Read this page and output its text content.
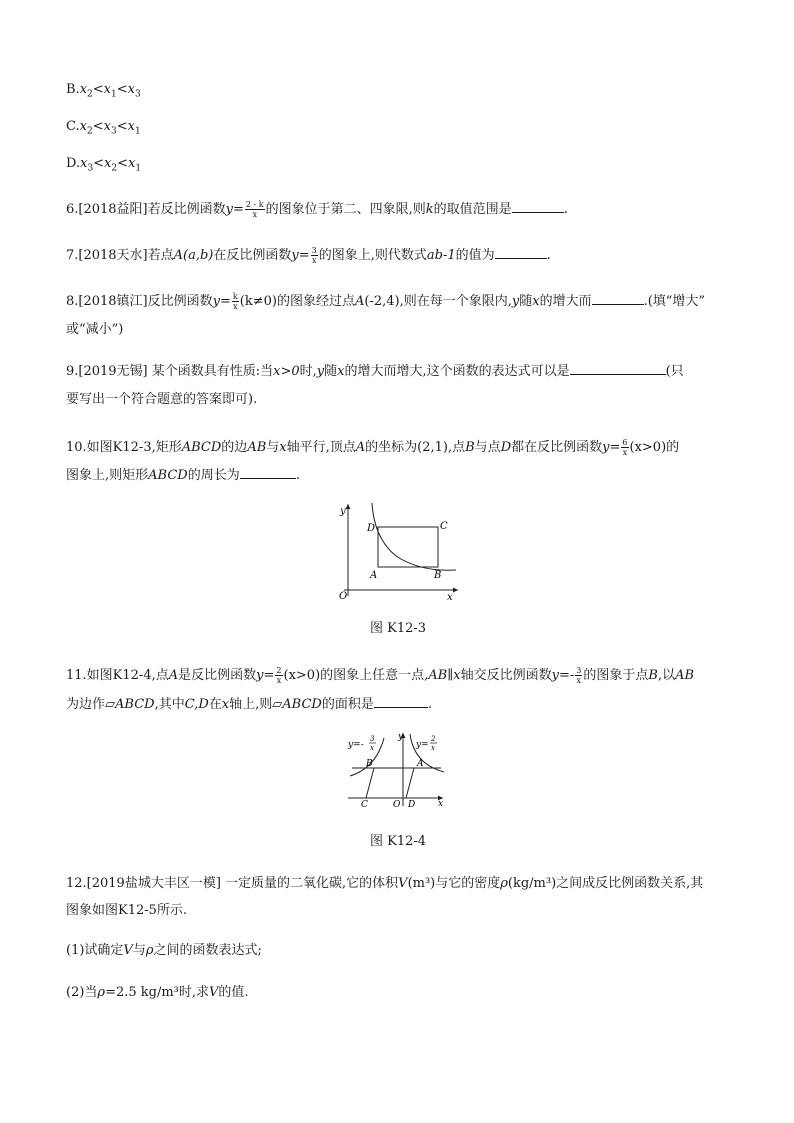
$B.x_2<x_1<x_3$
$C.x_2<x_3<x_1$
$D.x_3<x_2<x_1$
6.[2018益阳]若反比例函数$y= \frac{2 - k}{x}$ 的图象位于第二、四象限,则k的取值范围是	.
7.[2018天水]若点A(a,b)在反比例函数$y= \frac{3}{x}$ 的图象上,则代数式ab-1的值为	.
8.[2018镇江]反比例函数$y= \frac{k}{x} (k\ne 0)$的图象经过点A(-2,4),则在每一个象限内,y随x的增大而	.(填“增大”
或“减小”)
9.[2019无锡] 某个函数具有性质:当x>0时,y随x的增大而增大,这个函数的表达式可以是	(只
要写出一个符合题意的答案即可).
10.如图K12-3,矩形ABCD的边AB与x轴平行,顶点A的坐标为(2,1),点B与点D都在反比例函数$y= \frac{6}{x} (x>0)$的
图象上,则矩形ABCD的周长为	.
y
x
O
D	C
A	B
图 K12-3
11.如图K12-4,点A是反比例函数$y= \frac{2}{x} (x>0)$的图象上任意一点,AB∥x轴交反比例函数$y=- \frac{3}{x}$ 的图象于点B,以AB
为边作▱ABCD,其中C,D在x轴上,则▱ABCD的面积是	.
y=-
3
x	y=
2
x
y
x
O
B	A
C	D
图 K12-4
12.[2019盐城大丰区一模] 一定质量的二氧化碳,它的体积V(m³)与它的密度ρ(kg/m³)之间成反比例函数关系,其
图象如图K12-5所示.
(1)试确定V与ρ之间的函数表达式;
(2)当ρ=2.5 kg/m³时,求V的值.
